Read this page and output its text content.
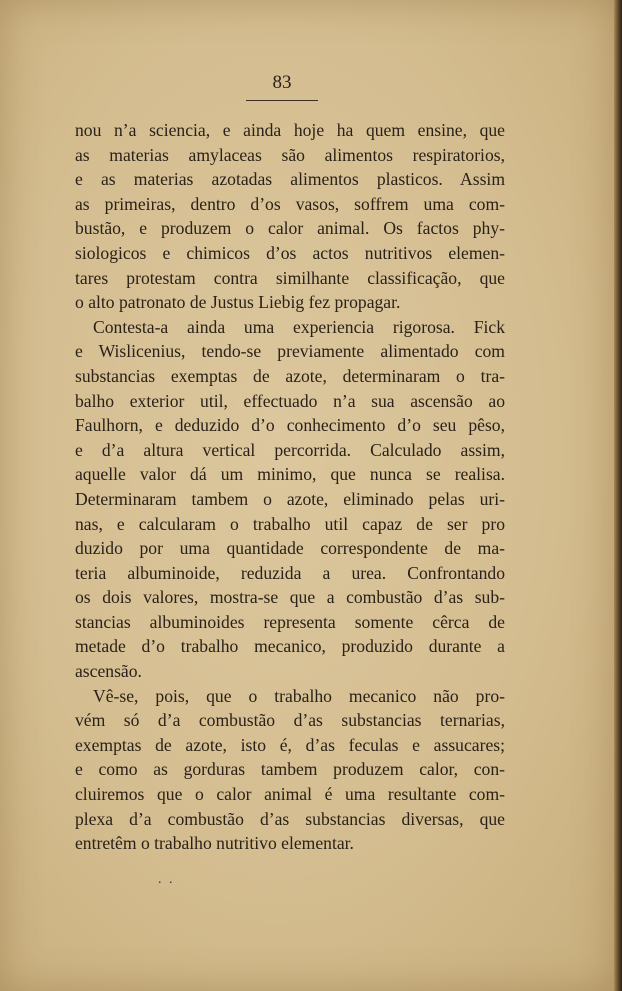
83
nou n’a sciencia, e ainda hoje ha quem ensine, que
as materias amylaceas são alimentos respiratorios,
e as materias azotadas alimentos plasticos. Assim
as primeiras, dentro d’os vasos, soffrem uma com-
bustão, e produzem o calor animal. Os factos phy-
siologicos e chimicos d’os actos nutritivos elemen-
tares protestam contra similhante classificação, que
o alto patronato de Justus Liebig fez propagar.
Contesta-a ainda uma experiencia rigorosa. Fick
e Wislicenius, tendo-se previamente alimentado com
substancias exemptas de azote, determinaram o tra-
balho exterior util, effectuado n’a sua ascensão ao
Faulhorn, e deduzido d’o conhecimento d’o seu pêso,
e d’a altura vertical percorrida. Calculado assim,
aquelle valor dá um minimo, que nunca se realisa.
Determinaram tambem o azote, eliminado pelas uri-
nas, e calcularam o trabalho util capaz de ser pro
duzido por uma quantidade correspondente de ma-
teria albuminoide, reduzida a urea. Confrontando
os dois valores, mostra-se que a combustão d’as sub-
stancias albuminoides representa somente cêrca de
metade d’o trabalho mecanico, produzido durante a
ascensão.
Vê-se, pois, que o trabalho mecanico não pro-
vém só d’a combustão d’as substancias ternarias,
exemptas de azote, isto é, d’as feculas e assucares;
e como as gorduras tambem produzem calor, con-
cluiremos que o calor animal é uma resultante com-
plexa d’a combustão d’as substancias diversas, que
entretêm o trabalho nutritivo elementar.
. .
